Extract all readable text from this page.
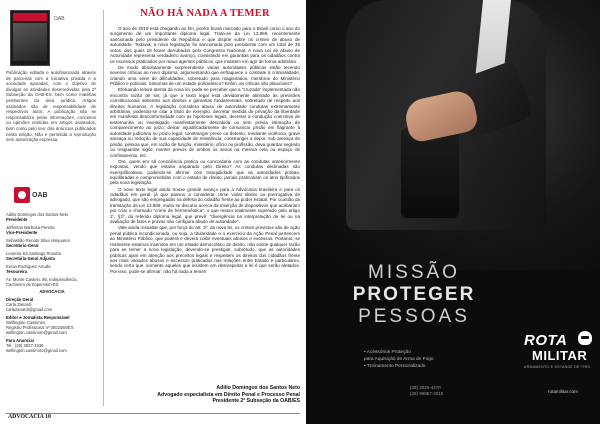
OAB
Publicação editada e autofinanciada através de parcerias com a iniciativa privada e a sociedade apoiadas, com o objetivo de divulgar as atividades desenvolvidas pela 2ª Subseção da OAB-ES. bem como matérias pertinentes da área jurídica. Artigos assinados são de responsabilidade de respectivos autor. A publicação não se responsabiliza pelas informações, conceitos ou opiniões emitidas em artigos assinados, bem como pelo teor dos anúncios publicados nesta edição. Não é permitida a reprodução sem autorização expressa.
OAB
Adilio Domingos dos Santos Neto
Presidente
Jefferson Barbosa Pereira
Vice-Presidente
Sebastião Renato Silva Honjuanor
Secretário-Geral
Leonora Sá Santiago Rovetta
Secretária-Geral Adjunta
Kenia Rodriguez Arruda
Tesoureira
Av. Monte Castelo, 96, Independência, Cachoeiro de Itapemirim-ES
ADVOCACIA
Direção Geral
Carla Zanardi
carlazanardi@gmail.com
Editor e Jornalista Responsável
Wellington Cassimiro
Registro Profissional nº 0002484/ES wellington.cassimiro@gmail.com
Para Anunciar
Tel.: (28) 3027-1536
wellington.cassimiro@gmail.com
NÃO HÁ NADA A TEMER

O ano de 2019 está chegando ao fim, porém ficará marcado para o Brasil como o ano do surgimento de um importante diploma legal. Trata-se da Lei 13.869, recentemente sancionada pelo presidente da República e que dispõe sobre os crimes de abuso de autoridade. Todavia, a nova legislação foi sancionada pelo presidente com um total de 36 vetos, dos quais 18 foram derrubados pelo Congresso Nacional. A nova Lei de Abuso de Autoridade representa verdadeiro avanço, consistindo em garantias para os cidadãos contra os excessos praticados por maus agentes públicos, que insistem em agir de forma arbitrária.

De modo absolutamente surpreendente várias autoridades públicas estão tecendo severas críticas ao novo diploma, argumentando que enfraquece o combate à criminalidade, criando uma série de dificuldades, sobretudo para magistrados, membros do Ministério Público e policiais. Sintomas de um estado policialesco? Enfim, as críticas são plausíveis?

Efetuando leitura atenta da nova lei, pode-se perceber que a "cruzada" implementada não encontra razão de ser, já que o texto legal está devidamente alinhado às previsões constitucionais atinentes aos direitos e garantias fundamentais, sobretudo de respeito aos direitos humanos. A legislação considera abuso de autoridade condutas extremamente arbitrárias, podendo-se citar a título de exemplo: decretar medida de privação da liberdade em manifesta desconformidade com as hipóteses legais, decretar a condução coercitiva de testemunha ou investigado manifestamente descabida ou sem prévia intimação de comparecimento ao juízo; deixar injustificadamente de comunicar prisão em flagrante à autoridade judiciária no prazo legal; constranger preso ou detento, mediante violência, grave ameaça ou redução de sua capacidade de resistência; constranger a depor, sob ameaça de prisão, pessoa que, em razão de função, ministério, ofício ou profissão, deva guardar segredo ou resguardar sigilo; manter presos de ambos os sexos na mesma cela ou espaço de confinamento, etc.

Ora, quem em sã consciência pratica ou concordaria com as condutas anteriormente expostas, vendo que estaria amparado pelo Direito? As condutas declinadas são exemplificativas, podendo-se afirmar com tranquilidade que as autoridades probas, equilibradas e comprometidas com o estado de direito, jamais praticariam os atos tipificados pela nova legislação.

O novo texto legal ainda trouxe grande avanço para a Advocacia brasileira e para os cidadãos em geral, já que passou a considerar crime violar direito ou prerrogativa de advogado, que são empregadas na defesa do cidadão frente ao poder estatal. Por ocasião da tramitação da Lei 13.869, muito se discutiu acerca da inserção de dispositivos que acabariam por criar o chamado "crime de hermenêutica", o que restou totalmente superado pelo artigo 1º, §2º, do referido diploma legal, que prevê: "divergência na interpretação de lei ou na avaliação de fatos e provas não configura abuso de autoridade".

Vale ainda ressaltar que, por força do art. 3º, da nova lei, os crimes previstos são de ação penal pública incondicionada, ou seja, a titularidade e o exercício da Ação Penal pertencem ao Ministério Público, que poderá e deverá coibir eventuais abusos e excessos. Portanto, se realmente estamos inseridos em um estado democrático de direito, não existe qualquer razão para se temer a nova legislação, devendo-se prestigiar, sobretudo, que as autoridades públicas ajam em atenção aos preceitos legais e respeitem os direitos dos cidadãos frente aos mais variados abusos e excessos praticados nas relações entre Estado e particulares, sendo certo que, somente aqueles que insistem em desrespeitar a lei é que serão afetados. Por isso, pode-se afirmar: não há nada a temer!

Adilio Domingos dos Santos Neto
Advogado especialista em Direito Penal e Processo Penal
Presidente 2ª Subseção da OAB/ES
ADVOCACIA 10
MISSÃO
PROTEGER
PESSOAS
• Acessórios Proteção
para Aquisição de Arma de Fogo
• Treinamento Personalizado
(28) 3026-4270
(28) 99957-2015
ROTA
MILITAR
ARMAMENTO E ESTANDE DE TIRO
rotamilitar.com
